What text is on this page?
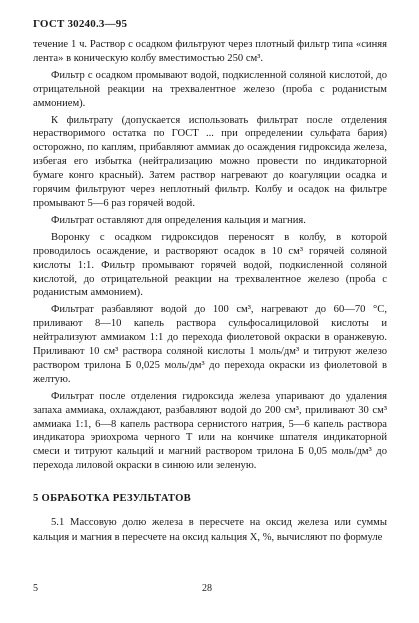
ГОСТ 30240.3—95

течение 1 ч. Раствор с осадком фильтруют через плотный фильтр типа «синяя лента» в коническую колбу вместимостью 250 см³.

Фильтр с осадком промывают водой, подкисленной соляной кислотой, до отрицательной реакции на трехвалентное железо (проба с роданистым аммонием).

К фильтрату (допускается использовать фильтрат после отделения нерастворимого остатка по ГОСТ ... при определении сульфата бария) осторожно, по каплям, прибавляют аммиак до осаждения гидроксида железа, избегая его избытка (нейтрализацию можно провести по индикаторной бумаге конго красный). Затем раствор нагревают до коагуляции осадка и горячим фильтруют через неплотный фильтр. Колбу и осадок на фильтре промывают 5—6 раз горячей водой.

Фильтрат оставляют для определения кальция и магния.

Воронку с осадком гидроксидов переносят в колбу, в которой проводилось осаждение, и растворяют осадок в 10 см³ горячей соляной кислоты 1:1. Фильтр промывают горячей водой, подкисленной соляной кислотой, до отрицательной реакции на трехвалентное железо (проба с роданистым аммонием).

Фильтрат разбавляют водой до 100 см³, нагревают до 60—70 °С, приливают 8—10 капель раствора сульфосалициловой кислоты и нейтрализуют аммиаком 1:1 до перехода фиолетовой окраски в оранжевую. Приливают 10 см³ раствора соляной кислоты 1 моль/дм³ и титруют железо раствором трилона Б 0,025 моль/дм³ до перехода окраски из фиолетовой в желтую.

Фильтрат после отделения гидроксида железа упаривают до удаления запаха аммиака, охлаждают, разбавляют водой до 200 см³, приливают 30 см³ аммиака 1:1, 6—8 капель раствора сернистого натрия, 5—6 капель раствора индикатора эриохрома черного Т или на кончике шпателя индикаторной смеси и титруют кальций и магний раствором трилона Б 0,05 моль/дм³ до перехода лиловой окраски в синюю или зеленую.

5 ОБРАБОТКА РЕЗУЛЬТАТОВ

5.1 Массовую долю железа в пересчете на оксид железа или суммы кальция и магния в пересчете на оксид кальция X, %, вычисляют по формуле

5	28
